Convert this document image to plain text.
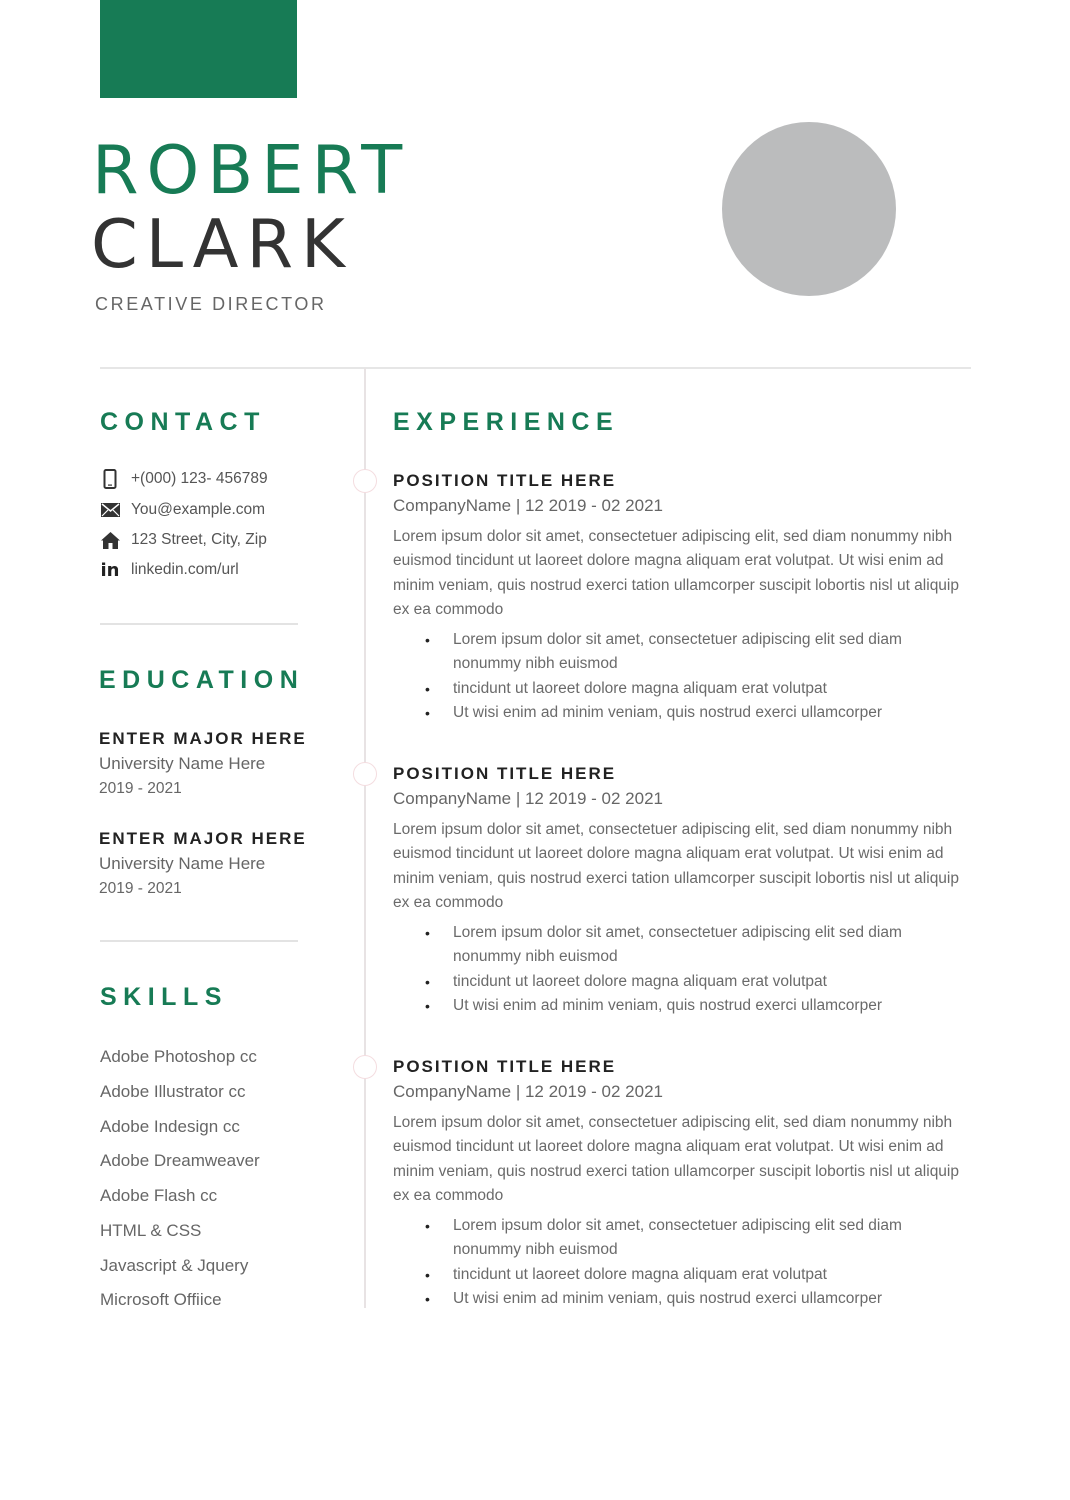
ROBERT
CLARK
CREATIVE DIRECTOR
CONTACT
+(000) 123- 456789
You@example.com
123 Street, City, Zip
in linkedin.com/url
EDUCATION
ENTER MAJOR HERE
University Name Here
2019 - 2021
ENTER MAJOR HERE
University Name Here
2019 - 2021
SKILLS
Adobe Photoshop cc
Adobe Illustrator cc
Adobe Indesign cc
Adobe Dreamweaver
Adobe Flash cc
HTML & CSS
Javascript & Jquery
Microsoft Offiice
EXPERIENCE
POSITION TITLE HERE
CompanyName | 12 2019 - 02 2021
Lorem ipsum dolor sit amet, consectetuer adipiscing elit, sed diam nonummy nibh euismod tincidunt ut laoreet dolore magna aliquam erat volutpat. Ut wisi enim ad minim veniam, quis nostrud exerci tation ullamcorper suscipit lobortis nisl ut aliquip ex ea commodo
• Lorem ipsum dolor sit amet, consectetuer adipiscing elit sed diam nonummy nibh euismod
• tincidunt ut laoreet dolore magna aliquam erat volutpat
• Ut wisi enim ad minim veniam, quis nostrud exerci ullamcorper
POSITION TITLE HERE
CompanyName | 12 2019 - 02 2021
Lorem ipsum dolor sit amet, consectetuer adipiscing elit, sed diam nonummy nibh euismod tincidunt ut laoreet dolore magna aliquam erat volutpat. Ut wisi enim ad minim veniam, quis nostrud exerci tation ullamcorper suscipit lobortis nisl ut aliquip ex ea commodo
• Lorem ipsum dolor sit amet, consectetuer adipiscing elit sed diam nonummy nibh euismod
• tincidunt ut laoreet dolore magna aliquam erat volutpat
• Ut wisi enim ad minim veniam, quis nostrud exerci ullamcorper
POSITION TITLE HERE
CompanyName | 12 2019 - 02 2021
Lorem ipsum dolor sit amet, consectetuer adipiscing elit, sed diam nonummy nibh euismod tincidunt ut laoreet dolore magna aliquam erat volutpat. Ut wisi enim ad minim veniam, quis nostrud exerci tation ullamcorper suscipit lobortis nisl ut aliquip ex ea commodo
• Lorem ipsum dolor sit amet, consectetuer adipiscing elit sed diam nonummy nibh euismod
• tincidunt ut laoreet dolore magna aliquam erat volutpat
• Ut wisi enim ad minim veniam, quis nostrud exerci ullamcorper
